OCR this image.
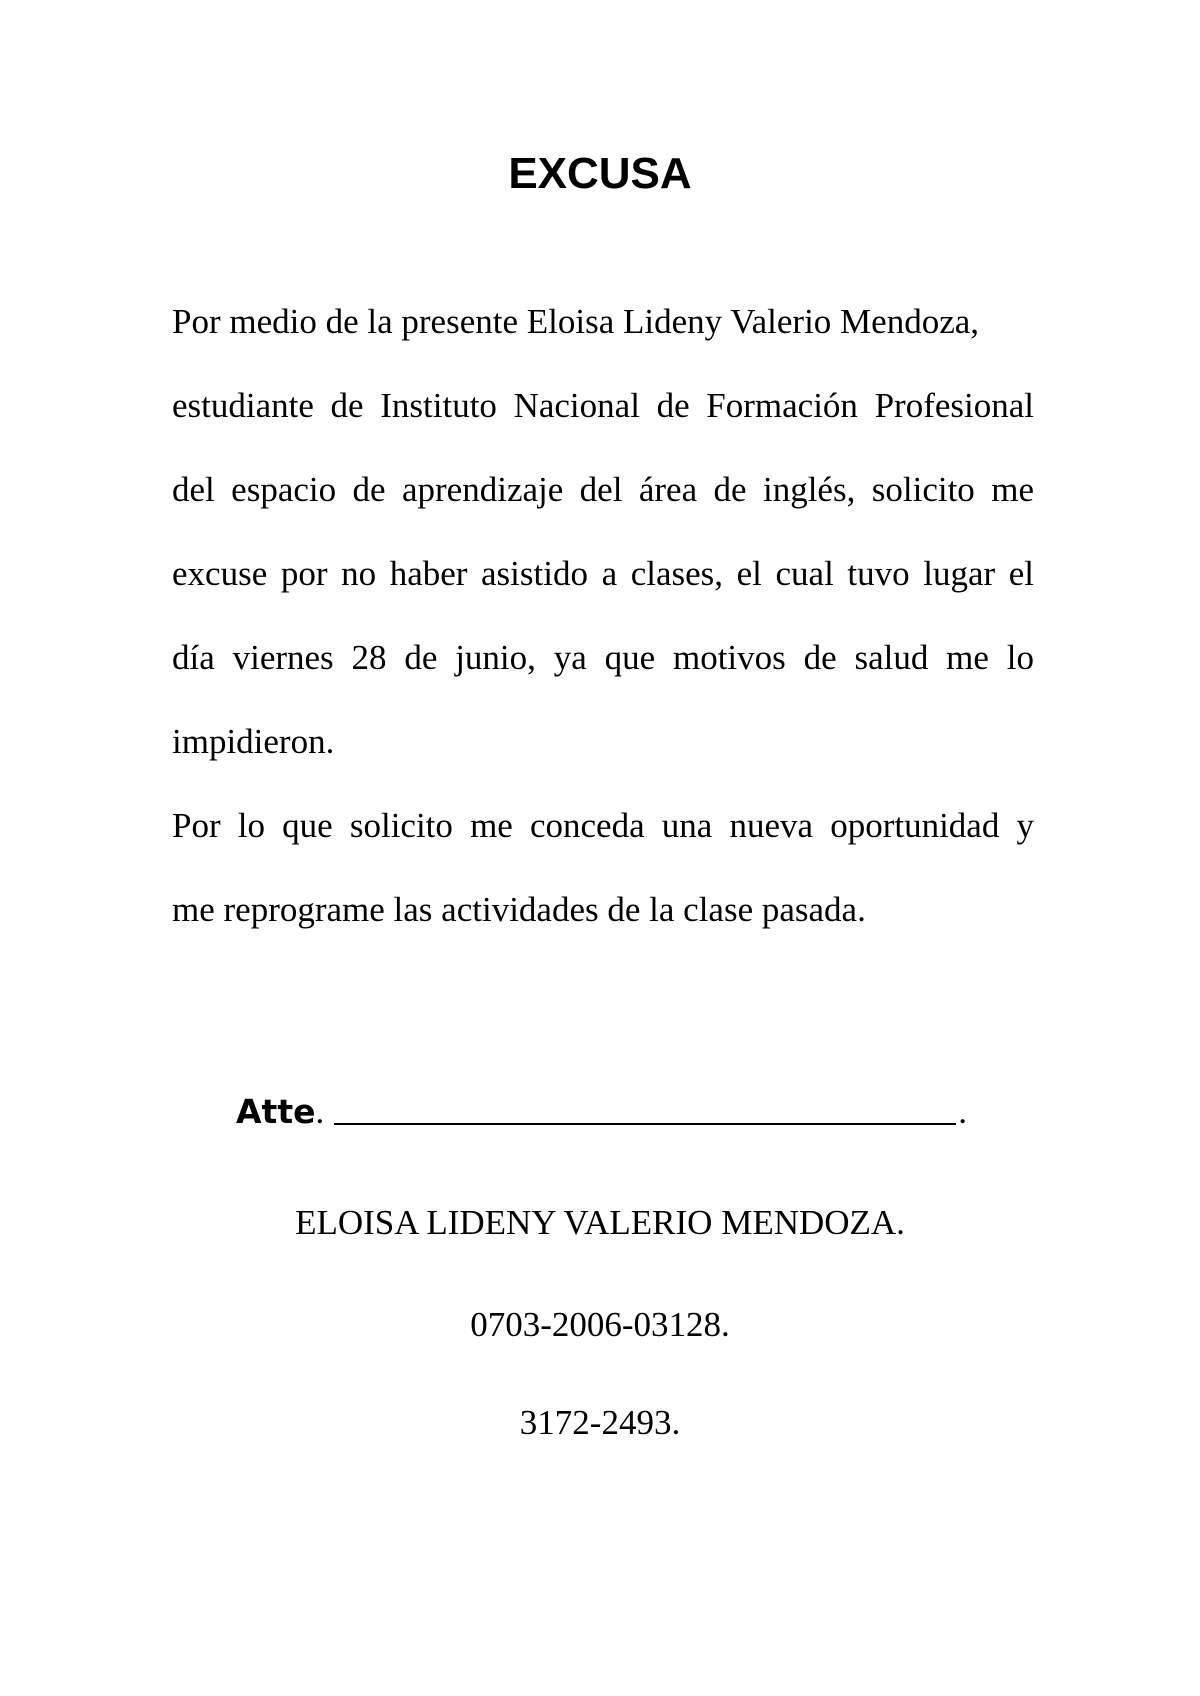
EXCUSA

Por medio de la presente Eloisa Lideny Valerio Mendoza,
estudiante de Instituto Nacional de Formación Profesional
del espacio de aprendizaje del área de inglés, solicito me
excuse por no haber asistido a clases, el cual tuvo lugar el
día viernes 28 de junio, ya que motivos de salud me lo
impidieron.

Por lo que solicito me conceda una nueva oportunidad y
me reprograme las actividades de la clase pasada.

Atte.	.

ELOISA LIDENY VALERIO MENDOZA.

0703-2006-03128.

3172-2493.
